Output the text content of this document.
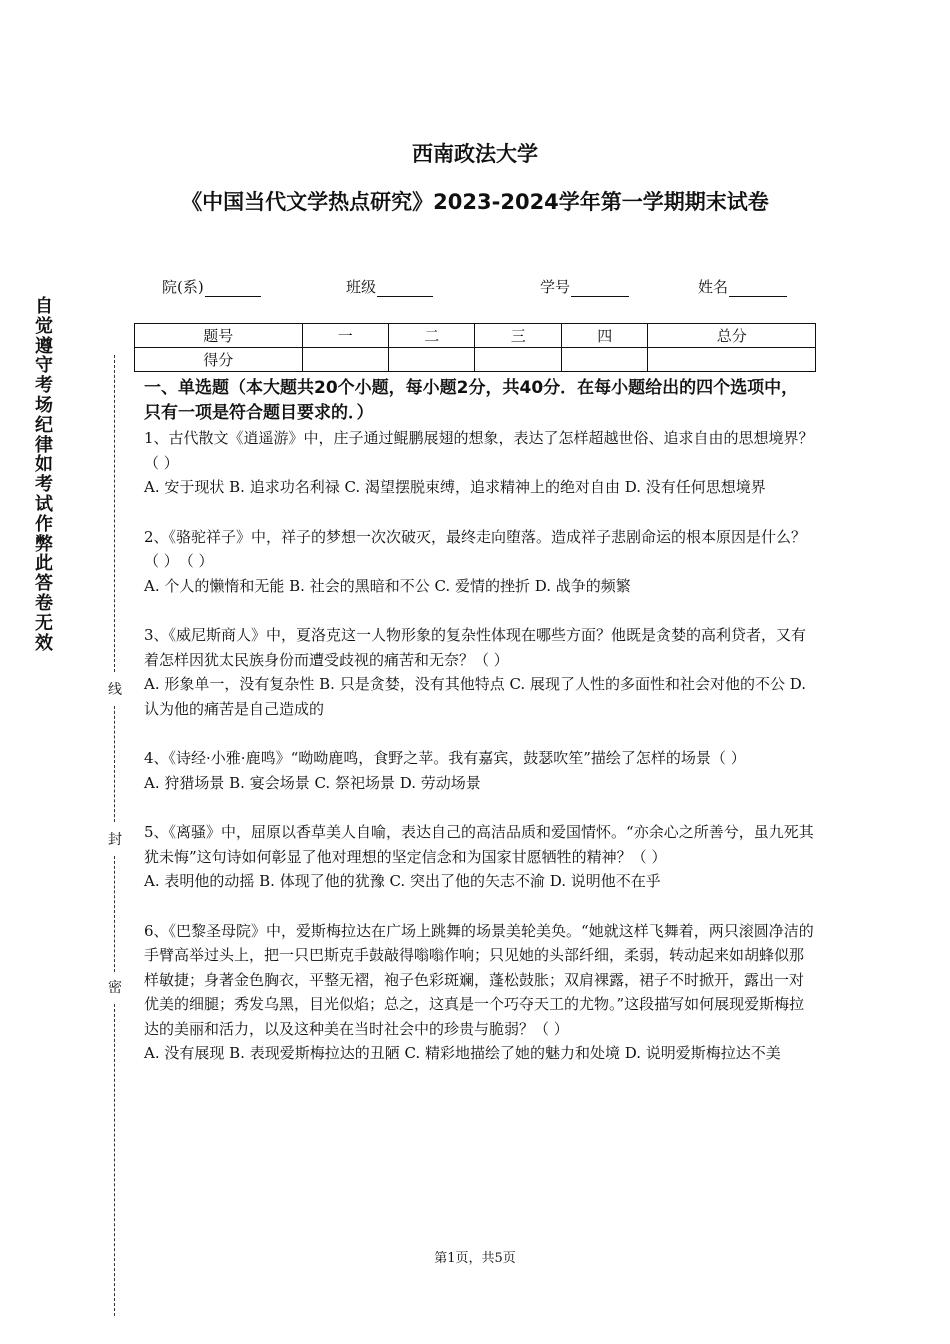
西南政法大学
《中国当代文学热点研究》2023-2024学年第一学期期末试卷
院(系)	班级	学号	姓名
题号	一	二	三	四	总分
得分					
自觉遵守考场纪律如考试作弊此答卷无效
线
封
密

一、单选题（本大题共20个小题，每小题2分，共40分．在每小题给出的四个选项中，只有一项是符合题目要求的．）

1、古代散文《逍遥游》中，庄子通过鲲鹏展翅的想象，表达了怎样超越世俗、追求自由的思想境界？（ ）

A. 安于现状 B. 追求功名利禄 C. 渴望摆脱束缚，追求精神上的绝对自由 D. 没有任何思想境界

2、《骆驼祥子》中，祥子的梦想一次次破灭，最终走向堕落。造成祥子悲剧命运的根本原因是什么？（ ）　（ ）

A. 个人的懒惰和无能 B. 社会的黑暗和不公 C. 爱情的挫折 D. 战争的频繁

3、《威尼斯商人》中，夏洛克这一人物形象的复杂性体现在哪些方面？他既是贪婪的高利贷者，又有着怎样因犹太民族身份而遭受歧视的痛苦和无奈？（ ）

A. 形象单一，没有复杂性 B. 只是贪婪，没有其他特点 C. 展现了人性的多面性和社会对他的不公 D. 认为他的痛苦是自己造成的

4、《诗经·小雅·鹿鸣》“呦呦鹿鸣，食野之苹。我有嘉宾，鼓瑟吹笙”描绘了怎样的场景（ ）

A. 狩猎场景 B. 宴会场景 C. 祭祀场景 D. 劳动场景

5、《离骚》中，屈原以香草美人自喻，表达自己的高洁品质和爱国情怀。“亦余心之所善兮，虽九死其犹未悔”这句诗如何彰显了他对理想的坚定信念和为国家甘愿牺牲的精神？（ ）

A. 表明他的动摇 B. 体现了他的犹豫 C. 突出了他的矢志不渝 D. 说明他不在乎

6、《巴黎圣母院》中，爱斯梅拉达在广场上跳舞的场景美轮美奂。“她就这样飞舞着，两只滚圆净洁的手臂高举过头上，把一只巴斯克手鼓敲得嗡嗡作响；只见她的头部纤细，柔弱，转动起来如胡蜂似那样敏捷；身著金色胸衣，平整无褶，袍子色彩斑斓，蓬松鼓胀；双肩裸露，裙子不时掀开，露出一对优美的细腿；秀发乌黑，目光似焰；总之，这真是一个巧夺天工的尤物。”这段描写如何展现爱斯梅拉达的美丽和活力，以及这种美在当时社会中的珍贵与脆弱？（ ）

A. 没有展现 B. 表现爱斯梅拉达的丑陋 C. 精彩地描绘了她的魅力和处境 D. 说明爱斯梅拉达不美

第1页，共5页
